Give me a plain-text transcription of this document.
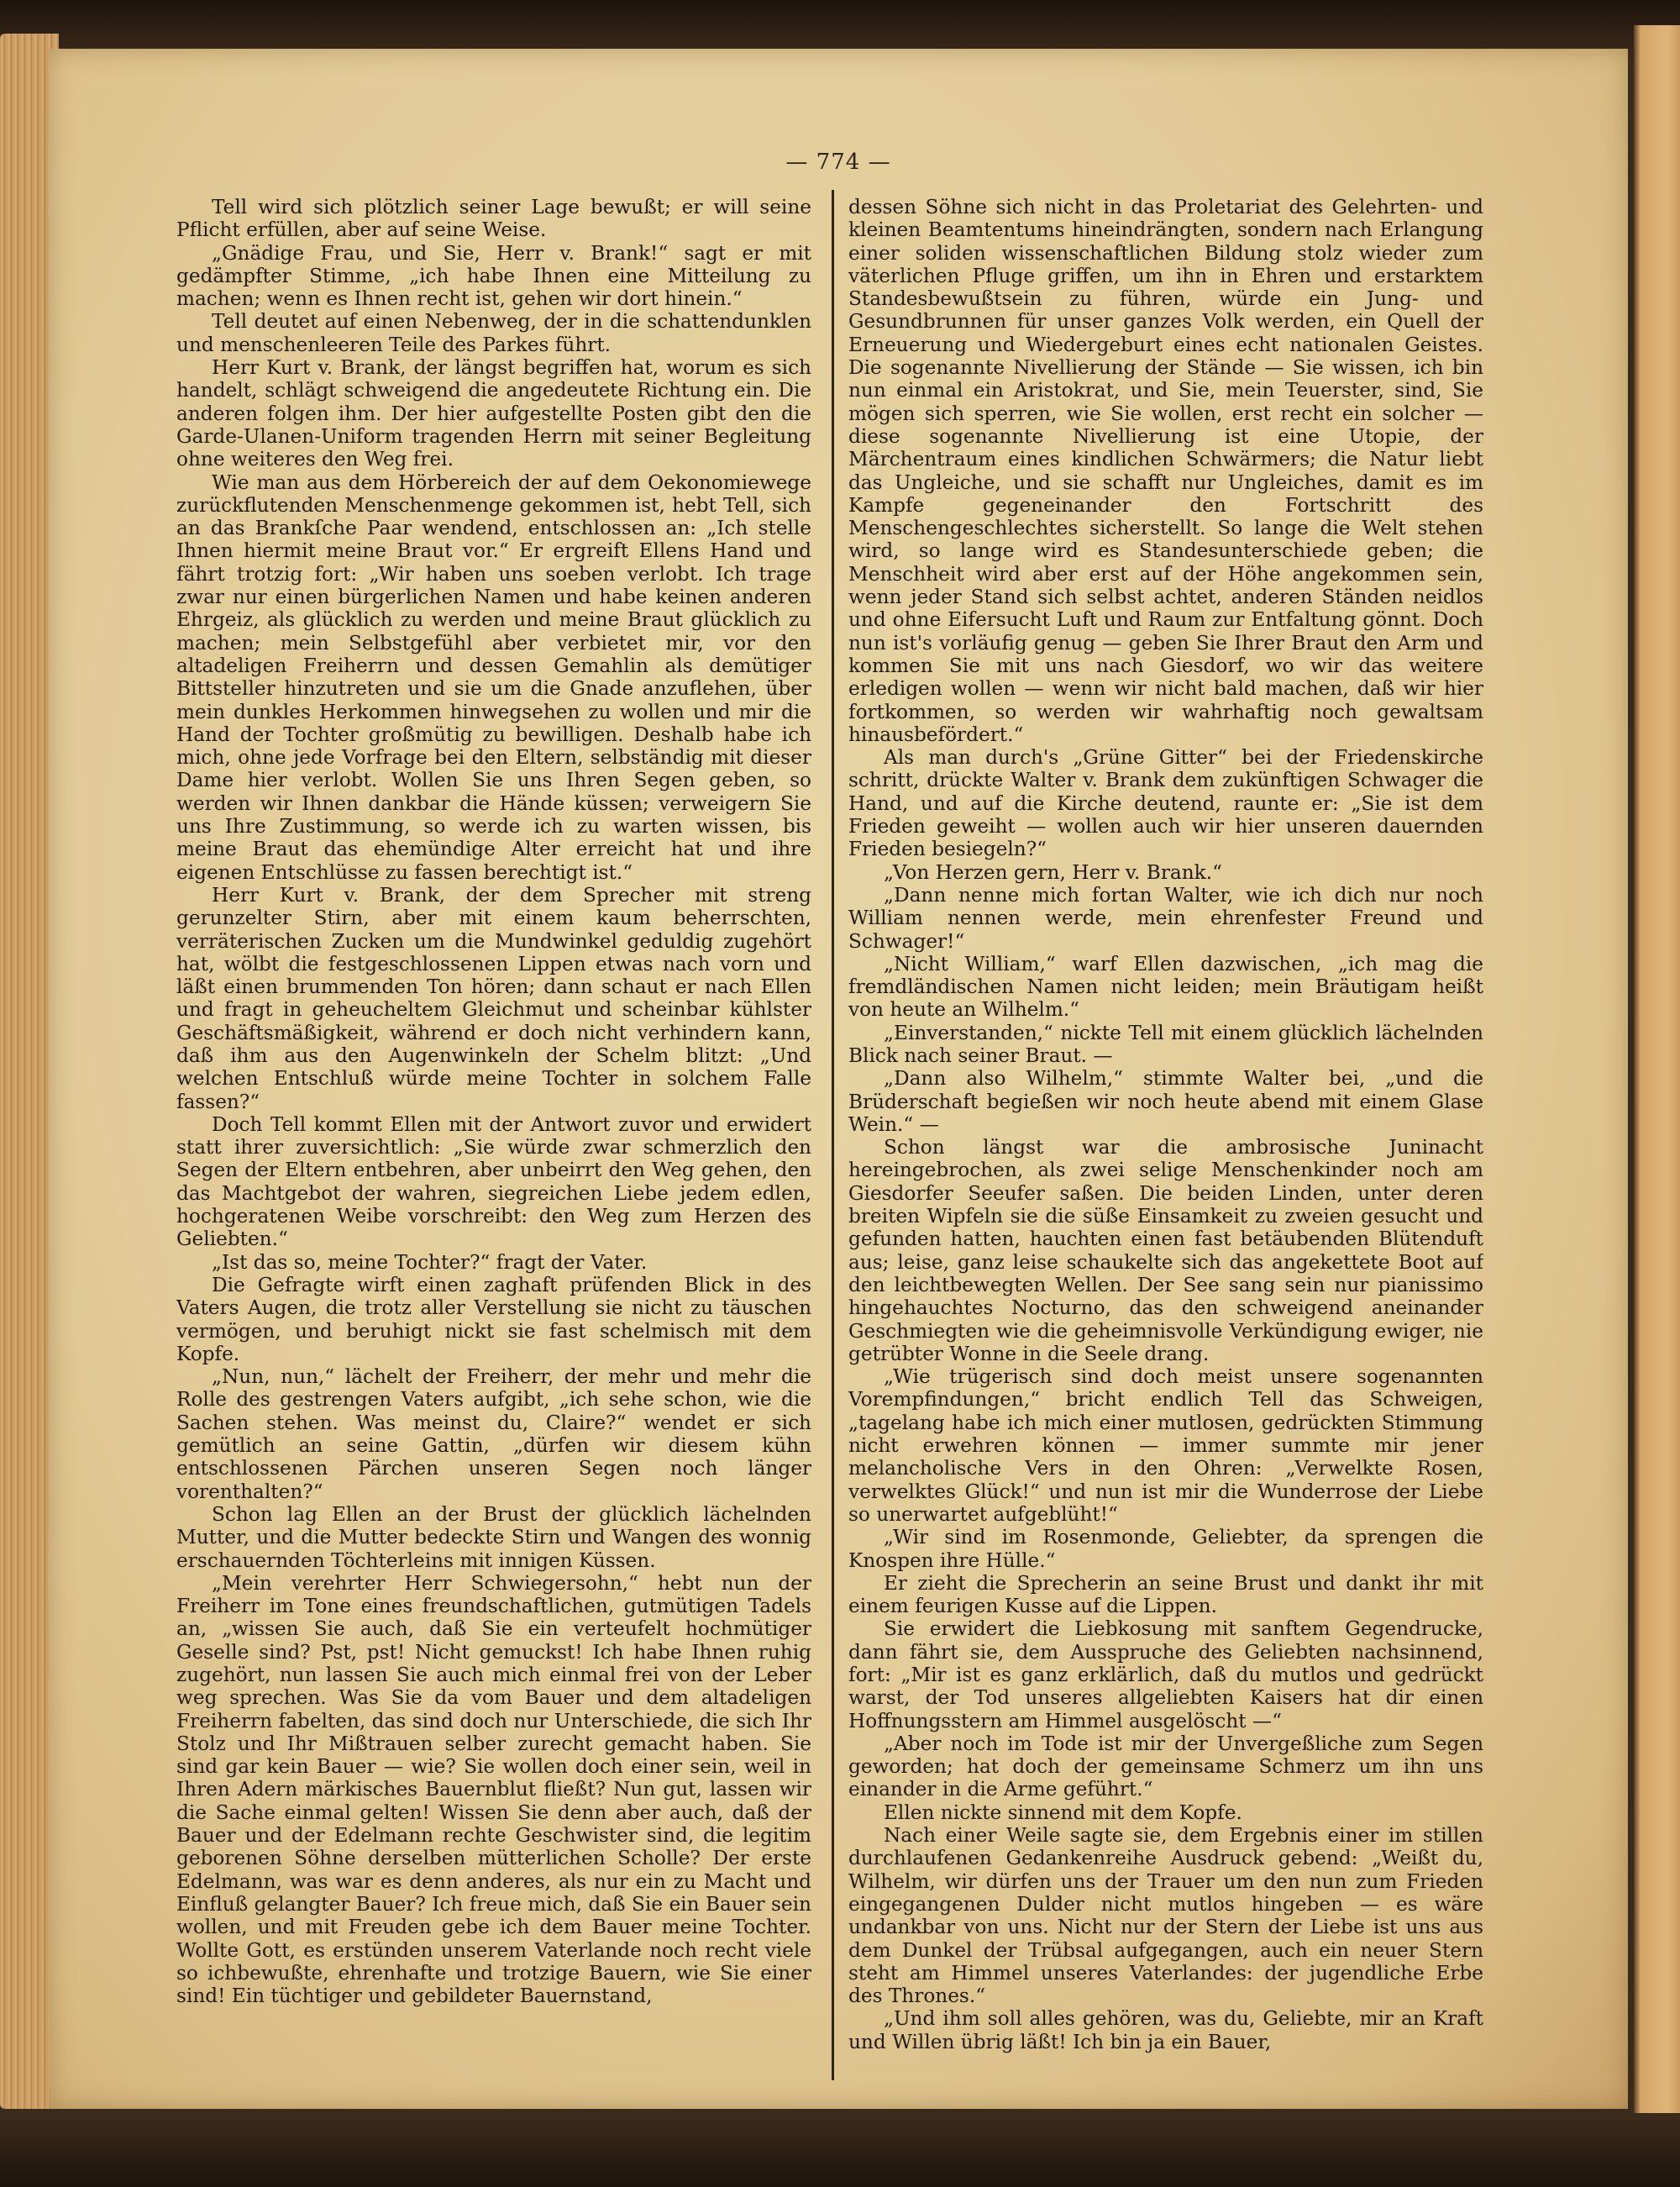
— 774 —

Tell wird sich plötzlich seiner Lage bewußt; er will seine Pflicht erfüllen, aber auf seine Weise.

„Gnädige Frau, und Sie, Herr v. Brank!“ sagt er mit gedämpfter Stimme, „ich habe Ihnen eine Mitteilung zu machen; wenn es Ihnen recht ist, gehen wir dort hinein.“

Tell deutet auf einen Nebenweg, der in die schattendunklen und menschenleeren Teile des Parkes führt.

Herr Kurt v. Brank, der längst begriffen hat, worum es sich handelt, schlägt schweigend die angedeutete Richtung ein. Die anderen folgen ihm. Der hier aufgestellte Posten gibt den die Garde-Ulanen-Uniform tragenden Herrn mit seiner Begleitung ohne weiteres den Weg frei.

Wie man aus dem Hörbereich der auf dem Oekonomiewege zurückflutenden Menschenmenge gekommen ist, hebt Tell, sich an das Brankſche Paar wendend, entschlossen an: „Ich stelle Ihnen hiermit meine Braut vor.“ Er ergreift Ellens Hand und fährt trotzig fort: „Wir haben uns soeben verlobt. Ich trage zwar nur einen bürgerlichen Namen und habe keinen anderen Ehrgeiz, als glücklich zu werden und meine Braut glücklich zu machen; mein Selbstgefühl aber verbietet mir, vor den altadeligen Freiherrn und dessen Gemahlin als demütiger Bittsteller hinzutreten und sie um die Gnade anzuflehen, über mein dunkles Herkommen hinwegsehen zu wollen und mir die Hand der Tochter großmütig zu bewilligen. Deshalb habe ich mich, ohne jede Vorfrage bei den Eltern, selbständig mit dieser Dame hier verlobt. Wollen Sie uns Ihren Segen geben, so werden wir Ihnen dankbar die Hände küssen; verweigern Sie uns Ihre Zustimmung, so werde ich zu warten wissen, bis meine Braut das ehemündige Alter erreicht hat und ihre eigenen Entschlüsse zu fassen berechtigt ist.“

Herr Kurt v. Brank, der dem Sprecher mit streng gerunzelter Stirn, aber mit einem kaum beherrschten, verräterischen Zucken um die Mundwinkel geduldig zugehört hat, wölbt die festgeschlossenen Lippen etwas nach vorn und läßt einen brummenden Ton hören; dann schaut er nach Ellen und fragt in geheucheltem Gleichmut und scheinbar kühlster Geschäftsmäßigkeit, während er doch nicht verhindern kann, daß ihm aus den Augenwinkeln der Schelm blitzt: „Und welchen Entschluß würde meine Tochter in solchem Falle fassen?“

Doch Tell kommt Ellen mit der Antwort zuvor und erwidert statt ihrer zuversichtlich: „Sie würde zwar schmerzlich den Segen der Eltern entbehren, aber unbeirrt den Weg gehen, den das Machtgebot der wahren, siegreichen Liebe jedem edlen, hochgeratenen Weibe vorschreibt: den Weg zum Herzen des Geliebten.“

„Ist das so, meine Tochter?“ fragt der Vater.

Die Gefragte wirft einen zaghaft prüfenden Blick in des Vaters Augen, die trotz aller Verstellung sie nicht zu täuschen vermögen, und beruhigt nickt sie fast schelmisch mit dem Kopfe.

„Nun, nun,“ lächelt der Freiherr, der mehr und mehr die Rolle des gestrengen Vaters aufgibt, „ich sehe schon, wie die Sachen stehen. Was meinst du, Claire?“ wendet er sich gemütlich an seine Gattin, „dürfen wir diesem kühn entschlossenen Pärchen unseren Segen noch länger vorenthalten?“

Schon lag Ellen an der Brust der glücklich lächelnden Mutter, und die Mutter bedeckte Stirn und Wangen des wonnig erschauernden Töchterleins mit innigen Küssen.

„Mein verehrter Herr Schwiegersohn,“ hebt nun der Freiherr im Tone eines freundschaftlichen, gutmütigen Tadels an, „wissen Sie auch, daß Sie ein verteufelt hochmütiger Geselle sind? Pst, pst! Nicht gemuckst! Ich habe Ihnen ruhig zugehört, nun lassen Sie auch mich einmal frei von der Leber weg sprechen. Was Sie da vom Bauer und dem altadeligen Freiherrn fabelten, das sind doch nur Unterschiede, die sich Ihr Stolz und Ihr Mißtrauen selber zurecht gemacht haben. Sie sind gar kein Bauer — wie? Sie wollen doch einer sein, weil in Ihren Adern märkisches Bauernblut fließt? Nun gut, lassen wir die Sache einmal gelten! Wissen Sie denn aber auch, daß der Bauer und der Edelmann rechte Geschwister sind, die legitim geborenen Söhne derselben mütterlichen Scholle? Der erste Edelmann, was war es denn anderes, als nur ein zu Macht und Einfluß gelangter Bauer? Ich freue mich, daß Sie ein Bauer sein wollen, und mit Freuden gebe ich dem Bauer meine Tochter. Wollte Gott, es erstünden unserem Vaterlande noch recht viele so ichbewußte, ehrenhafte und trotzige Bauern, wie Sie einer sind! Ein tüchtiger und gebildeter Bauernstand,

dessen Söhne sich nicht in das Proletariat des Gelehrten- und kleinen Beamtentums hineindrängten, sondern nach Erlangung einer soliden wissenschaftlichen Bildung stolz wieder zum väterlichen Pfluge griffen, um ihn in Ehren und erstarktem Standesbewußtsein zu führen, würde ein Jung- und Gesundbrunnen für unser ganzes Volk werden, ein Quell der Erneuerung und Wiedergeburt eines echt nationalen Geistes. Die sogenannte Nivellierung der Stände — Sie wissen, ich bin nun einmal ein Aristokrat, und Sie, mein Teuerster, sind, Sie mögen sich sperren, wie Sie wollen, erst recht ein solcher — diese sogenannte Nivellierung ist eine Utopie, der Märchentraum eines kindlichen Schwärmers; die Natur liebt das Ungleiche, und sie schafft nur Ungleiches, damit es im Kampfe gegeneinander den Fortschritt des Menschengeschlechtes sicherstellt. So lange die Welt stehen wird, so lange wird es Standesunterschiede geben; die Menschheit wird aber erst auf der Höhe angekommen sein, wenn jeder Stand sich selbst achtet, anderen Ständen neidlos und ohne Eifersucht Luft und Raum zur Entfaltung gönnt. Doch nun ist's vorläufig genug — geben Sie Ihrer Braut den Arm und kommen Sie mit uns nach Giesdorf, wo wir das weitere erledigen wollen — wenn wir nicht bald machen, daß wir hier fortkommen, so werden wir wahrhaftig noch gewaltsam hinausbefördert.“

Als man durch's „Grüne Gitter“ bei der Friedenskirche schritt, drückte Walter v. Brank dem zukünftigen Schwager die Hand, und auf die Kirche deutend, raunte er: „Sie ist dem Frieden geweiht — wollen auch wir hier unseren dauernden Frieden besiegeln?“

„Von Herzen gern, Herr v. Brank.“

„Dann nenne mich fortan Walter, wie ich dich nur noch William nennen werde, mein ehrenfester Freund und Schwager!“

„Nicht William,“ warf Ellen dazwischen, „ich mag die fremdländischen Namen nicht leiden; mein Bräutigam heißt von heute an Wilhelm.“

„Einverstanden,“ nickte Tell mit einem glücklich lächelnden Blick nach seiner Braut. —

„Dann also Wilhelm,“ stimmte Walter bei, „und die Brüderschaft begießen wir noch heute abend mit einem Glase Wein.“ —

Schon längst war die ambrosische Juninacht hereingebrochen, als zwei selige Menschenkinder noch am Giesdorfer Seeufer saßen. Die beiden Linden, unter deren breiten Wipfeln sie die süße Einsamkeit zu zweien gesucht und gefunden hatten, hauchten einen fast betäubenden Blütenduft aus; leise, ganz leise schaukelte sich das angekettete Boot auf den leichtbewegten Wellen. Der See sang sein nur pianissimo hingehauchtes Nocturno, das den schweigend aneinander Geschmiegten wie die geheimnisvolle Verkündigung ewiger, nie getrübter Wonne in die Seele drang.

„Wie trügerisch sind doch meist unsere sogenannten Vorempfindungen,“ bricht endlich Tell das Schweigen, „tagelang habe ich mich einer mutlosen, gedrückten Stimmung nicht erwehren können — immer summte mir jener melancholische Vers in den Ohren: „Verwelkte Rosen, verwelktes Glück!“ und nun ist mir die Wunderrose der Liebe so unerwartet aufgeblüht!“

„Wir sind im Rosenmonde, Geliebter, da sprengen die Knospen ihre Hülle.“

Er zieht die Sprecherin an seine Brust und dankt ihr mit einem feurigen Kusse auf die Lippen.

Sie erwidert die Liebkosung mit sanftem Gegendrucke, dann fährt sie, dem Ausspruche des Geliebten nachsinnend, fort: „Mir ist es ganz erklärlich, daß du mutlos und gedrückt warst, der Tod unseres allgeliebten Kaisers hat dir einen Hoffnungsstern am Himmel ausgelöscht —“

„Aber noch im Tode ist mir der Unvergeßliche zum Segen geworden; hat doch der gemeinsame Schmerz um ihn uns einander in die Arme geführt.“

Ellen nickte sinnend mit dem Kopfe.

Nach einer Weile sagte sie, dem Ergebnis einer im stillen durchlaufenen Gedankenreihe Ausdruck gebend: „Weißt du, Wilhelm, wir dürfen uns der Trauer um den nun zum Frieden eingegangenen Dulder nicht mutlos hingeben — es wäre undankbar von uns. Nicht nur der Stern der Liebe ist uns aus dem Dunkel der Trübsal aufgegangen, auch ein neuer Stern steht am Himmel unseres Vaterlandes: der jugendliche Erbe des Thrones.“

„Und ihm soll alles gehören, was du, Geliebte, mir an Kraft und Willen übrig läßt! Ich bin ja ein Bauer,
